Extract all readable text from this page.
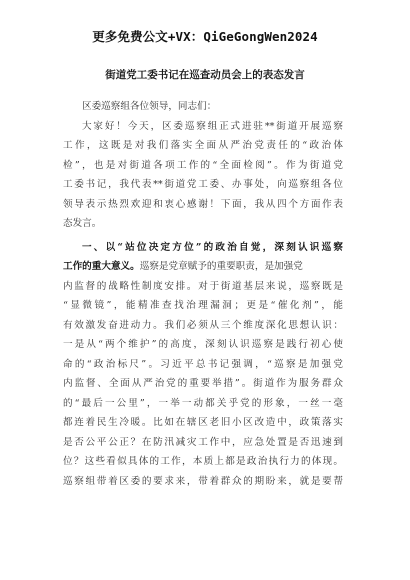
更多免费公文+VX：QiGeGongWen2024
街道党工委书记在巡查动员会上的表态发言
区委巡察组各位领导，同志们：
大家好！今天，区委巡察组正式进驻**街道开展巡察
工作，这既是对我们落实全面从严治党责任的“政治体
检”，也是对街道各项工作的“全面检阅”。作为街道党
工委书记，我代表**街道党工委、办事处，向巡察组各位
领导表示热烈欢迎和衷心感谢！下面，我从四个方面作表
态发言。
一、以“站位决定方位”的政治自觉，深刻认识巡察
工作的重大意义。巡察是党章赋予的重要职责，是加强党
内监督的战略性制度安排。对于街道基层来说，巡察既是
“显微镜”，能精准查找治理漏洞；更是“催化剂”，能
有效激发奋进动力。我们必须从三个维度深化思想认识：
一是从“两个维护”的高度，深刻认识巡察是践行初心使
命的“政治标尺”。习近平总书记强调，“巡察是加强党
内监督、全面从严治党的重要举措”。街道作为服务群众
的“最后一公里”，一举一动都关乎党的形象，一丝一毫
都连着民生冷暖。比如在辖区老旧小区改造中，政策落实
是否公平公正？在防汛减灾工作中，应急处置是否迅速到
位？这些看似具体的工作，本质上都是政治执行力的体现。
巡察组带着区委的要求来，带着群众的期盼来，就是要帮
